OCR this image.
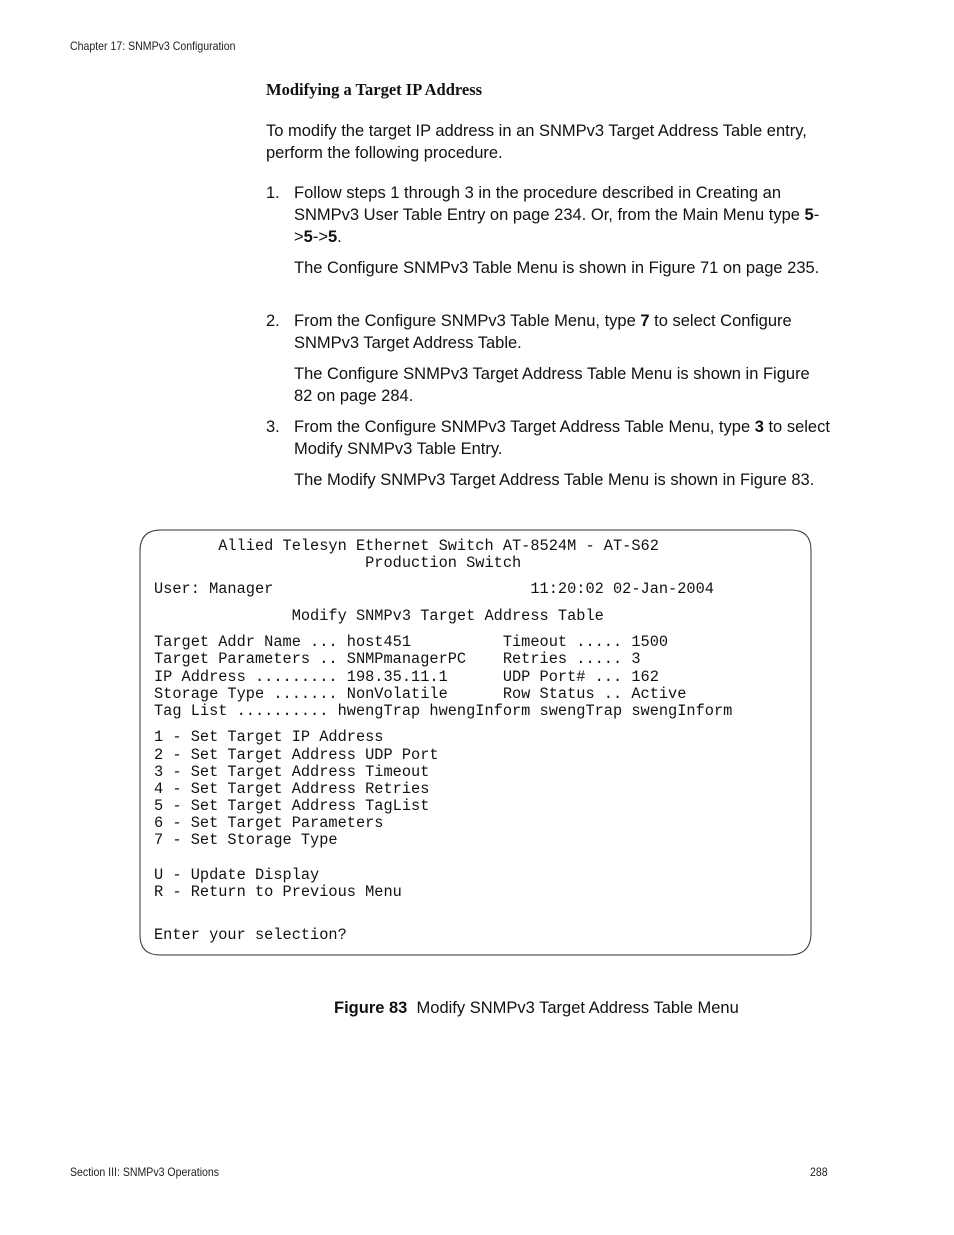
Chapter 17: SNMPv3 Configuration
Modifying a Target IP Address
To modify the target IP address in an SNMPv3 Target Address Table entry, perform the following procedure.
1. Follow steps 1 through 3 in the procedure described in Creating an SNMPv3 User Table Entry on page 234. Or, from the Main Menu type 5->5->5.
The Configure SNMPv3 Table Menu is shown in Figure 71 on page 235.
2. From the Configure SNMPv3 Table Menu, type 7 to select Configure SNMPv3 Target Address Table.
The Configure SNMPv3 Target Address Table Menu is shown in Figure 82 on page 284.
3. From the Configure SNMPv3 Target Address Table Menu, type 3 to select Modify SNMPv3 Table Entry.
The Modify SNMPv3 Target Address Table Menu is shown in Figure 83.
Allied Telesyn Ethernet Switch AT-8524M - AT-S62
Production Switch
User: Manager                            11:20:02 02-Jan-2004
Modify SNMPv3 Target Address Table
Target Addr Name ... host451          Timeout ..... 1500
Target Parameters .. SNMPmanagerPC    Retries ..... 3
IP Address ......... 198.35.11.1      UDP Port# ... 162
Storage Type ....... NonVolatile      Row Status .. Active
Tag List .......... hwengTrap hwengInform swengTrap swengInform
1 - Set Target IP Address
2 - Set Target Address UDP Port
3 - Set Target Address Timeout
4 - Set Target Address Retries
5 - Set Target Address TagList
6 - Set Target Parameters
7 - Set Storage Type
U - Update Display
R - Return to Previous Menu
Enter your selection?
Figure 83 Modify SNMPv3 Target Address Table Menu
Section III: SNMPv3 Operations	288
